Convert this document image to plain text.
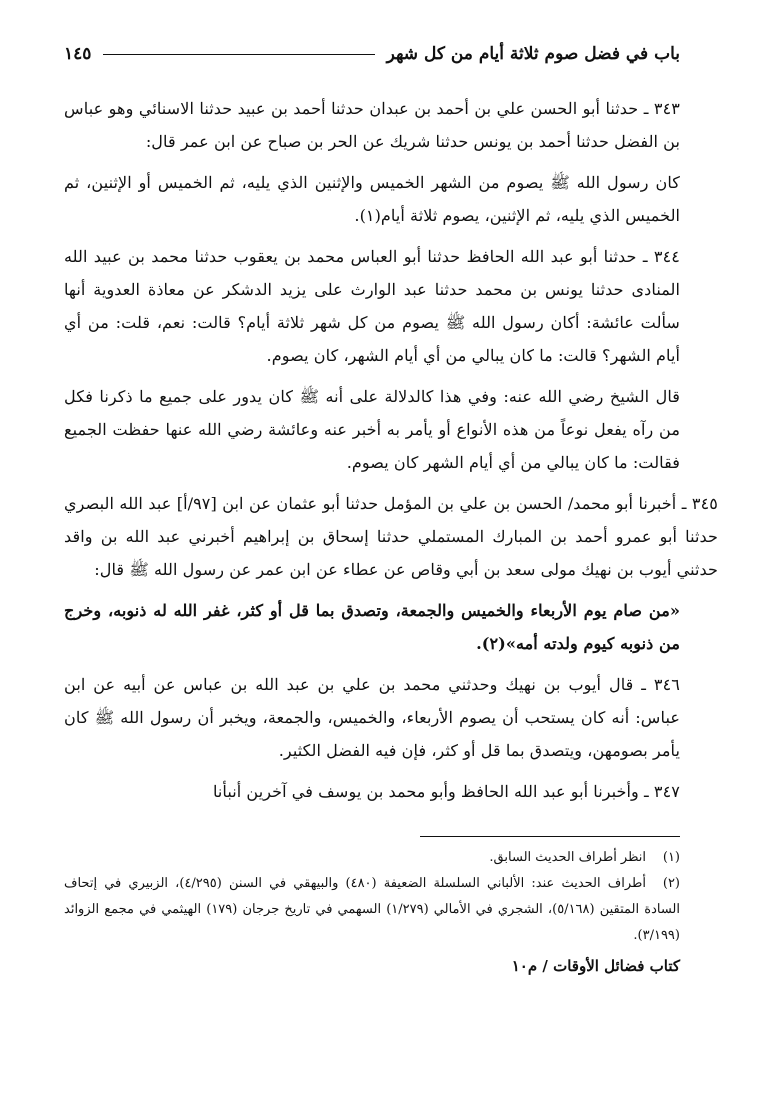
باب في فضل صوم ثلاثة أيام من كل شهر
١٤٥

٣٤٣ ـ حدثنا أبو الحسن علي بن أحمد بن عبدان حدثنا أحمد بن عبيد حدثنا الاسنائي وهو عباس بن الفضل حدثنا أحمد بن يونس حدثنا شريك عن الحر بن صباح عن ابن عمر قال:

كان رسول الله ﷺ يصوم من الشهر الخميس والإثنين الذي يليه، ثم الخميس أو الإثنين، ثم الخميس الذي يليه، ثم الإثنين، يصوم ثلاثة أيام(١).

٣٤٤ ـ حدثنا أبو عبد الله الحافظ حدثنا أبو العباس محمد بن يعقوب حدثنا محمد بن عبيد الله المنادى حدثنا يونس بن محمد حدثنا عبد الوارث على يزيد الدشكر عن معاذة العدوية أنها سألت عائشة: أكان رسول الله ﷺ يصوم من كل شهر ثلاثة أيام؟ قالت: نعم، قلت: من أي أيام الشهر؟ قالت: ما كان يبالي من أي أيام الشهر، كان يصوم.

قال الشيخ رضي الله عنه: وفي هذا كالدلالة على أنه ﷺ كان يدور على جميع ما ذكرنا فكل من رآه يفعل نوعاً من هذه الأنواع أو يأمر به أخبر عنه وعائشة رضي الله عنها حفظت الجميع فقالت: ما كان يبالي من أي أيام الشهر كان يصوم.

٣٤٥ ـ أخبرنا أبو محمد/ الحسن بن علي بن المؤمل حدثنا أبو عثمان عن ابن [٩٧/أ] عبد الله البصري حدثنا أبو عمرو أحمد بن المبارك المستملي حدثنا إسحاق بن إبراهيم أخبرني عبد الله بن واقد حدثني أيوب بن نهيك مولى سعد بن أبي وقاص عن عطاء عن ابن عمر عن رسول الله ﷺ قال:

«من صام يوم الأربعاء والخميس والجمعة، وتصدق بما قل أو كثر، غفر الله له ذنوبه، وخرج من ذنوبه كيوم ولدته أمه»(٢).

٣٤٦ ـ قال أيوب بن نهيك وحدثني محمد بن علي بن عبد الله بن عباس عن أبيه عن ابن عباس: أنه كان يستحب أن يصوم الأربعاء، والخميس، والجمعة، ويخبر أن رسول الله ﷺ كان يأمر بصومهن، ويتصدق بما قل أو كثر، فإن فيه الفضل الكثير.

٣٤٧ ـ وأخبرنا أبو عبد الله الحافظ وأبو محمد بن يوسف في آخرين أنبأنا

(١)انظر أطراف الحديث السابق.

(٢)أطراف الحديث عند: الألباني السلسلة الضعيفة (٤٨٠) والبيهقي في السنن (٤/٢٩٥)، الزبيري في إتحاف السادة المتقين (٥/١٦٨)، الشجري في الأمالي (١/٢٧٩) السهمي في تاريخ جرجان (١٧٩) الهيثمي في مجمع الزوائد (٣/١٩٩).

كتاب فضائل الأوقات / م١٠
